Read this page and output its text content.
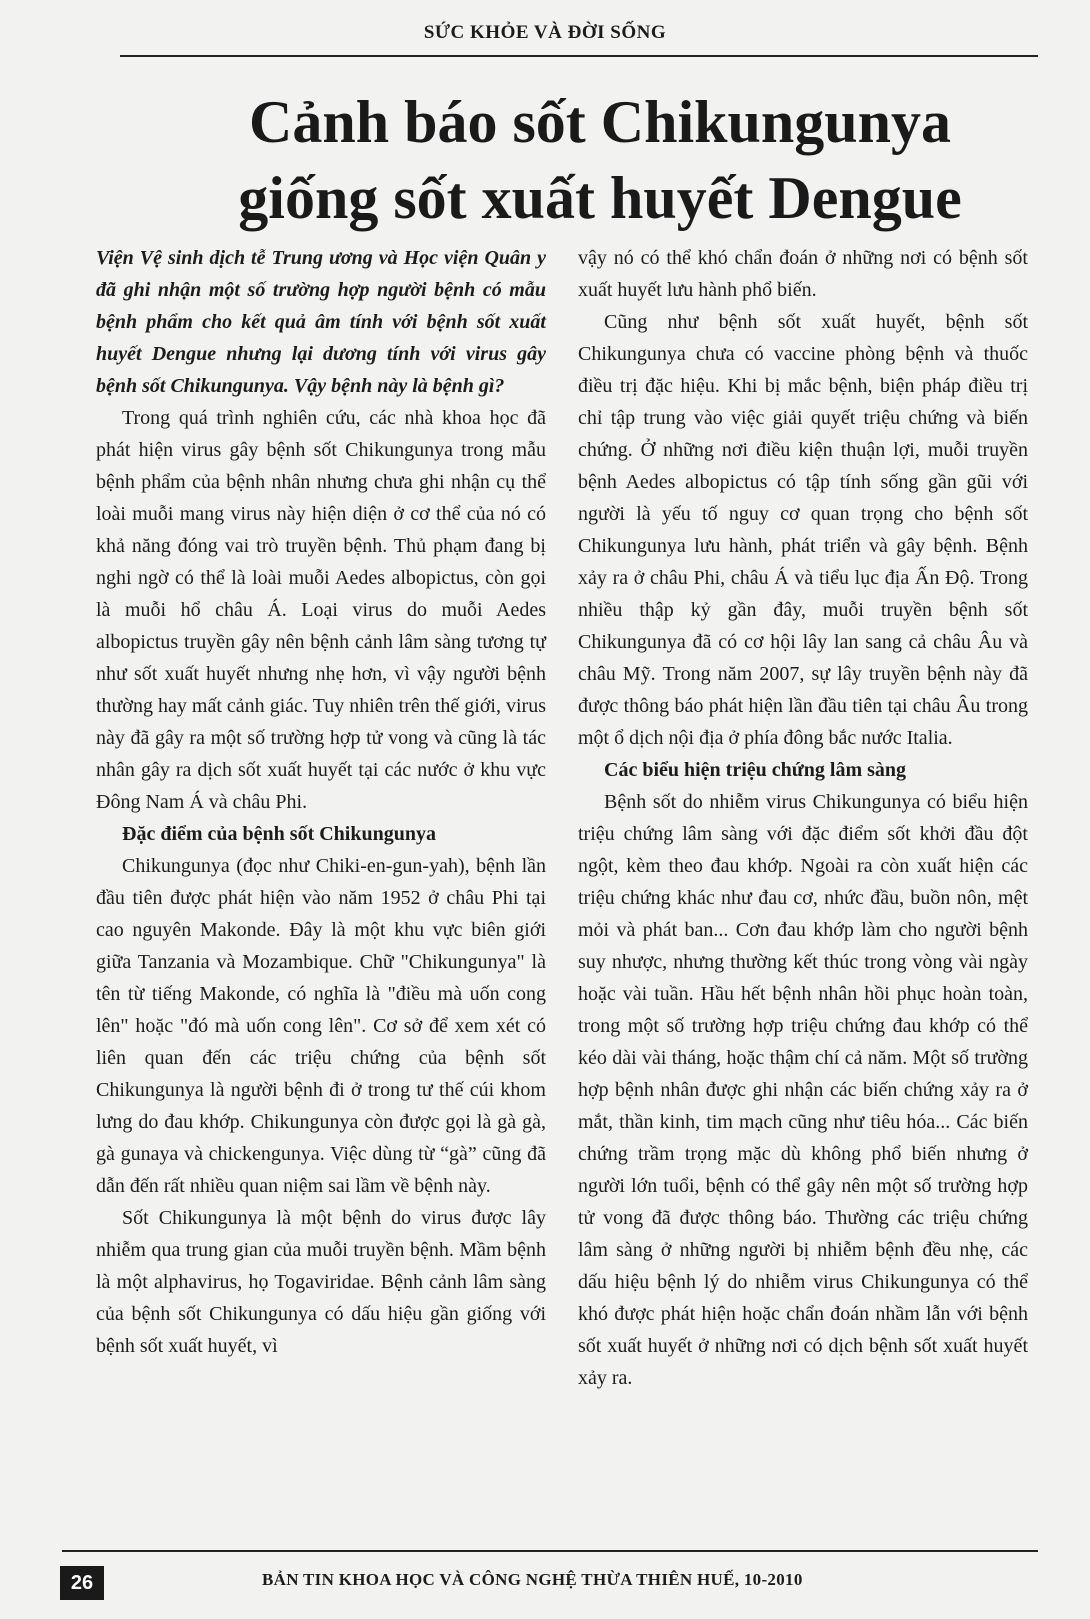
SỨC KHỎE VÀ ĐỜI SỐNG
Cảnh báo sốt Chikungunya
giống sốt xuất huyết Dengue

Viện Vệ sinh dịch tễ Trung ương và Học viện Quân y đã ghi nhận một số trường hợp người bệnh có mẫu bệnh phẩm cho kết quả âm tính với bệnh sốt xuất huyết Dengue nhưng lại dương tính với virus gây bệnh sốt Chikungunya. Vậy bệnh này là bệnh gì?

Trong quá trình nghiên cứu, các nhà khoa học đã phát hiện virus gây bệnh sốt Chikungunya trong mẫu bệnh phẩm của bệnh nhân nhưng chưa ghi nhận cụ thể loài muỗi mang virus này hiện diện ở cơ thể của nó có khả năng đóng vai trò truyền bệnh. Thủ phạm đang bị nghi ngờ có thể là loài muỗi Aedes albopictus, còn gọi là muỗi hổ châu Á. Loại virus do muỗi Aedes albopictus truyền gây nên bệnh cảnh lâm sàng tương tự như sốt xuất huyết nhưng nhẹ hơn, vì vậy người bệnh thường hay mất cảnh giác. Tuy nhiên trên thế giới, virus này đã gây ra một số trường hợp tử vong và cũng là tác nhân gây ra dịch sốt xuất huyết tại các nước ở khu vực Đông Nam Á và châu Phi.

Đặc điểm của bệnh sốt Chikungunya

Chikungunya (đọc như Chiki-en-gun-yah), bệnh lần đầu tiên được phát hiện vào năm 1952 ở châu Phi tại cao nguyên Makonde. Đây là một khu vực biên giới giữa Tanzania và Mozambique. Chữ "Chikungunya" là tên từ tiếng Makonde, có nghĩa là "điều mà uốn cong lên" hoặc "đó mà uốn cong lên". Cơ sở để xem xét có liên quan đến các triệu chứng của bệnh sốt Chikungunya là người bệnh đi ở trong tư thế cúi khom lưng do đau khớp. Chikungunya còn được gọi là gà gà, gà gunaya và chickengunya. Việc dùng từ “gà” cũng đã dẫn đến rất nhiều quan niệm sai lầm về bệnh này.

Sốt Chikungunya là một bệnh do virus được lây nhiễm qua trung gian của muỗi truyền bệnh. Mầm bệnh là một alphavirus, họ Togaviridae. Bệnh cảnh lâm sàng của bệnh sốt Chikungunya có dấu hiệu gần giống với bệnh sốt xuất huyết, vì

vậy nó có thể khó chẩn đoán ở những nơi có bệnh sốt xuất huyết lưu hành phổ biến.

Cũng như bệnh sốt xuất huyết, bệnh sốt Chikungunya chưa có vaccine phòng bệnh và thuốc điều trị đặc hiệu. Khi bị mắc bệnh, biện pháp điều trị chỉ tập trung vào việc giải quyết triệu chứng và biến chứng. Ở những nơi điều kiện thuận lợi, muỗi truyền bệnh Aedes albopictus có tập tính sống gần gũi với người là yếu tố nguy cơ quan trọng cho bệnh sốt Chikungunya lưu hành, phát triển và gây bệnh. Bệnh xảy ra ở châu Phi, châu Á và tiểu lục địa Ấn Độ. Trong nhiều thập kỷ gần đây, muỗi truyền bệnh sốt Chikungunya đã có cơ hội lây lan sang cả châu Âu và châu Mỹ. Trong năm 2007, sự lây truyền bệnh này đã được thông báo phát hiện lần đầu tiên tại châu Âu trong một ổ dịch nội địa ở phía đông bắc nước Italia.

Các biểu hiện triệu chứng lâm sàng

Bệnh sốt do nhiễm virus Chikungunya có biểu hiện triệu chứng lâm sàng với đặc điểm sốt khởi đầu đột ngột, kèm theo đau khớp. Ngoài ra còn xuất hiện các triệu chứng khác như đau cơ, nhức đầu, buồn nôn, mệt mỏi và phát ban... Cơn đau khớp làm cho người bệnh suy nhược, nhưng thường kết thúc trong vòng vài ngày hoặc vài tuần. Hầu hết bệnh nhân hồi phục hoàn toàn, trong một số trường hợp triệu chứng đau khớp có thể kéo dài vài tháng, hoặc thậm chí cả năm. Một số trường hợp bệnh nhân được ghi nhận các biến chứng xảy ra ở mắt, thần kinh, tim mạch cũng như tiêu hóa... Các biến chứng trầm trọng mặc dù không phổ biến nhưng ở người lớn tuổi, bệnh có thể gây nên một số trường hợp tử vong đã được thông báo. Thường các triệu chứng lâm sàng ở những người bị nhiễm bệnh đều nhẹ, các dấu hiệu bệnh lý do nhiễm virus Chikungunya có thể khó được phát hiện hoặc chẩn đoán nhầm lẫn với bệnh sốt xuất huyết ở những nơi có dịch bệnh sốt xuất huyết xảy ra.

26	BẢN TIN KHOA HỌC VÀ CÔNG NGHỆ THỪA THIÊN HUẾ, 10-2010
